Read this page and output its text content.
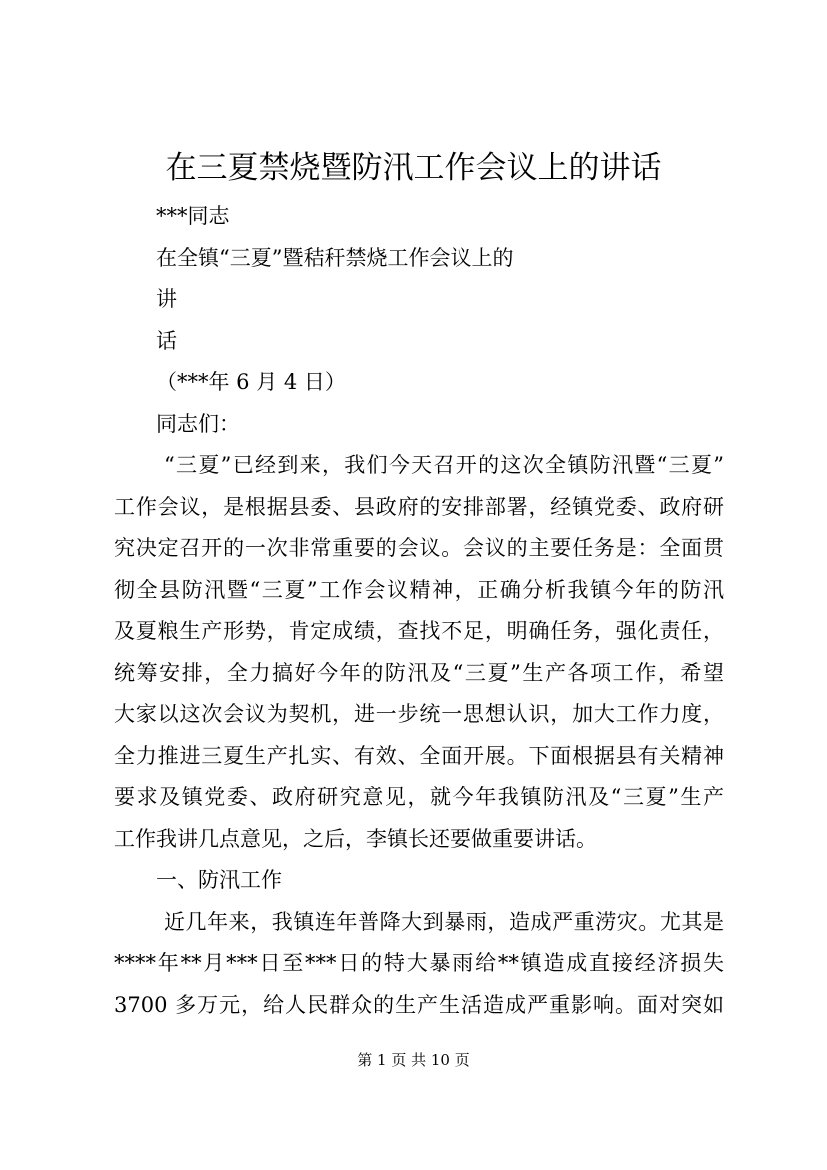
在三夏禁烧暨防汛工作会议上的讲话
***同志
在全镇“三夏”暨秸秆禁烧工作会议上的
讲
话
（***年 6 月 4 日）
同志们：
“三夏”已经到来，我们今天召开的这次全镇防汛暨“三夏”
工作会议，是根据县委、县政府的安排部署，经镇党委、政府研
究决定召开的一次非常重要的会议。会议的主要任务是：全面贯
彻全县防汛暨“三夏”工作会议精神，正确分析我镇今年的防汛
及夏粮生产形势，肯定成绩，查找不足，明确任务，强化责任，
统筹安排，全力搞好今年的防汛及“三夏”生产各项工作，希望
大家以这次会议为契机，进一步统一思想认识，加大工作力度，
全力推进三夏生产扎实、有效、全面开展。下面根据县有关精神
要求及镇党委、政府研究意见，就今年我镇防汛及“三夏”生产
工作我讲几点意见，之后，李镇长还要做重要讲话。
一、防汛工作
近几年来，我镇连年普降大到暴雨，造成严重涝灾。尤其是
****年**月***日至***日的特大暴雨给**镇造成直接经济损失
3700 多万元，给人民群众的生产生活造成严重影响。面对突如
第 1 页 共 10 页
